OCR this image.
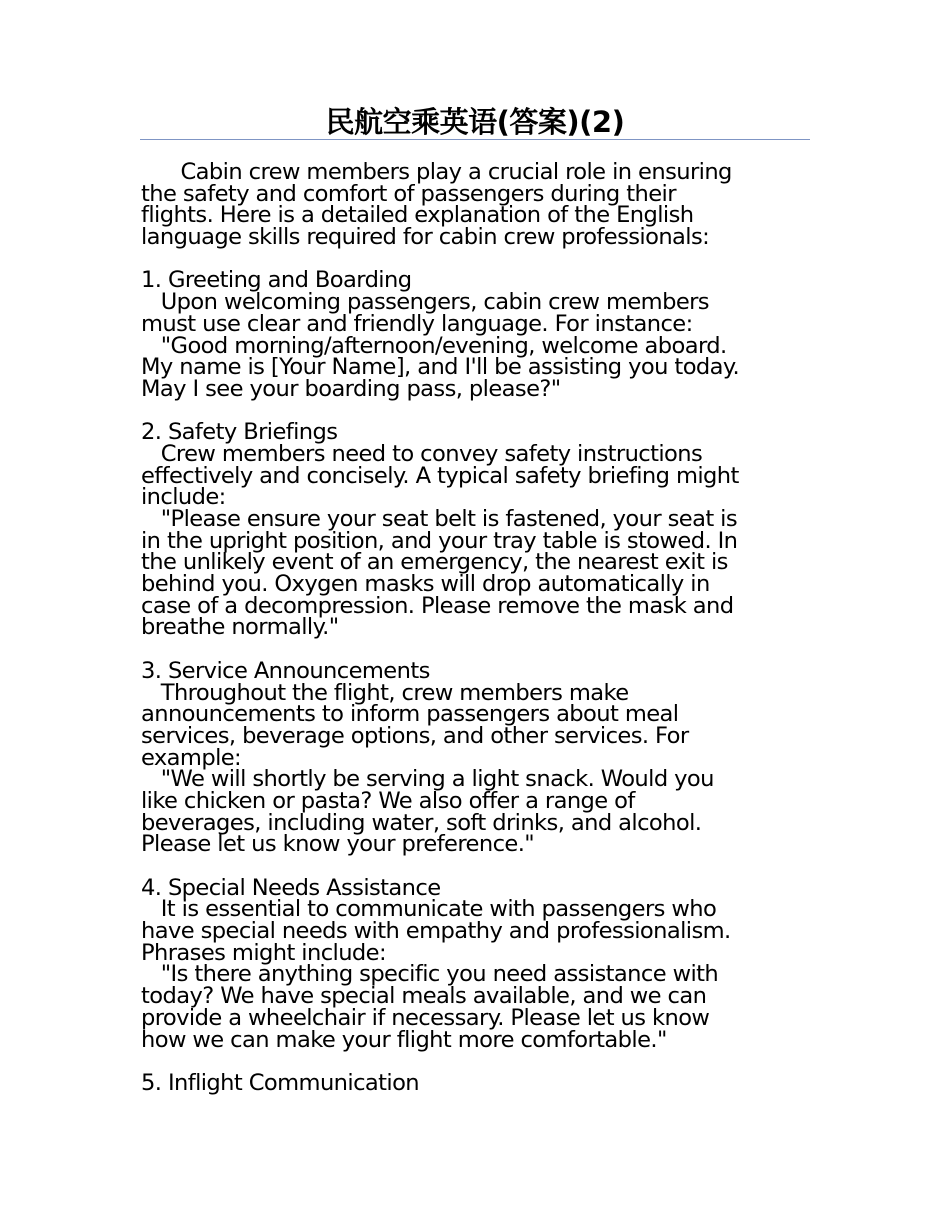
民航空乘英语(答案)(2)
Cabin crew members play a crucial role in ensuring
the safety and comfort of passengers during their
flights. Here is a detailed explanation of the English
language skills required for cabin crew professionals:
1. Greeting and Boarding
Upon welcoming passengers, cabin crew members
must use clear and friendly language. For instance:
"Good morning/afternoon/evening, welcome aboard.
My name is [Your Name], and I'll be assisting you today.
May I see your boarding pass, please?"
2. Safety Briefings
Crew members need to convey safety instructions
effectively and concisely. A typical safety briefing might
include:
"Please ensure your seat belt is fastened, your seat is
in the upright position, and your tray table is stowed. In
the unlikely event of an emergency, the nearest exit is
behind you. Oxygen masks will drop automatically in
case of a decompression. Please remove the mask and
breathe normally."
3. Service Announcements
Throughout the flight, crew members make
announcements to inform passengers about meal
services, beverage options, and other services. For
example:
"We will shortly be serving a light snack. Would you
like chicken or pasta? We also offer a range of
beverages, including water, soft drinks, and alcohol.
Please let us know your preference."
4. Special Needs Assistance
It is essential to communicate with passengers who
have special needs with empathy and professionalism.
Phrases might include:
"Is there anything specific you need assistance with
today? We have special meals available, and we can
provide a wheelchair if necessary. Please let us know
how we can make your flight more comfortable."
5. Inflight Communication
